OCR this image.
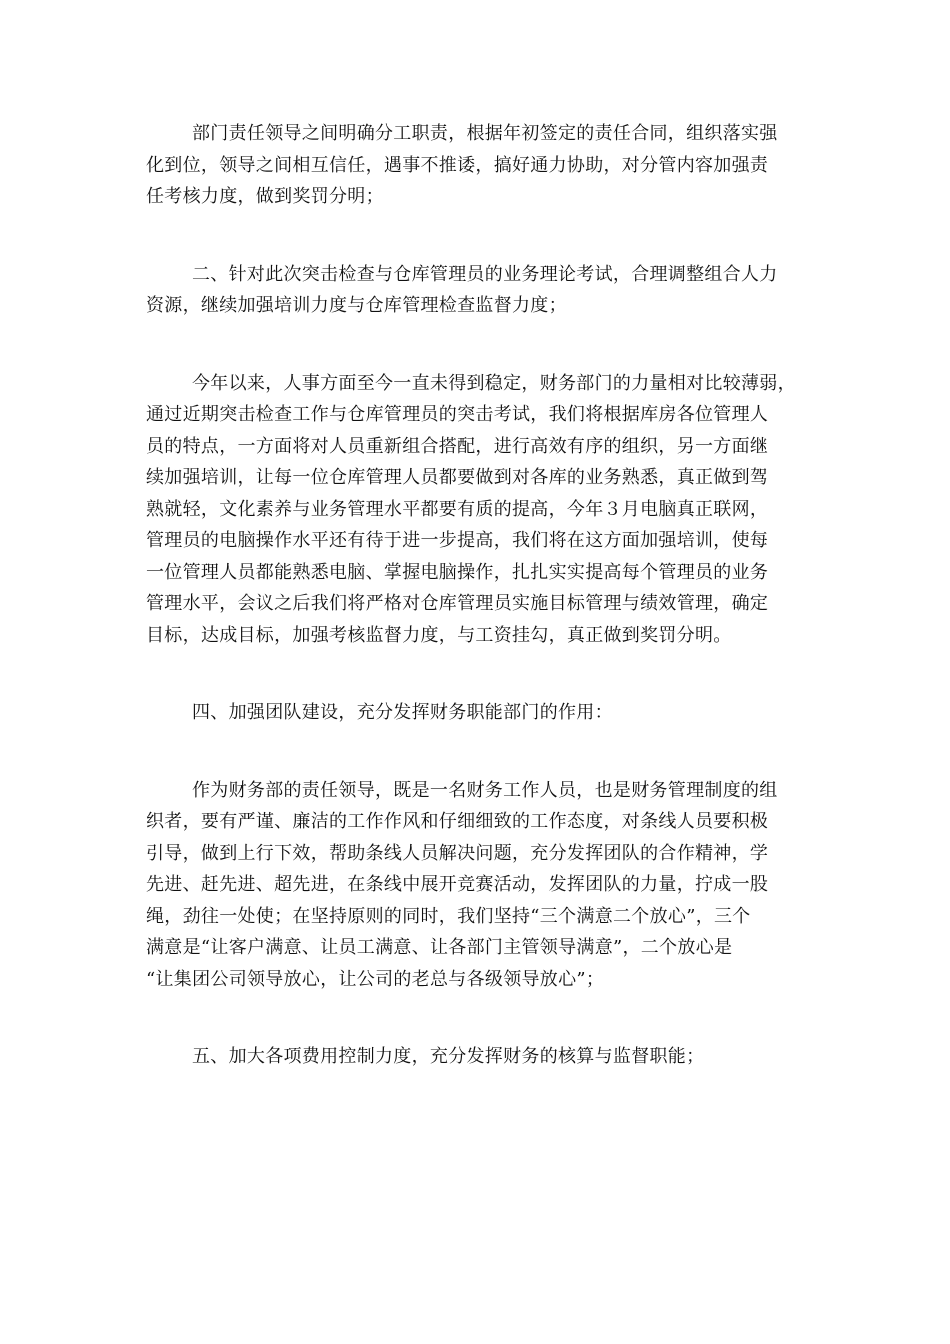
部门责任领导之间明确分工职责，根据年初签定的责任合同，组织落实强
化到位，领导之间相互信任，遇事不推诿，搞好通力协助，对分管内容加强责
任考核力度，做到奖罚分明；

二、针对此次突击检查与仓库管理员的业务理论考试，合理调整组合人力
资源，继续加强培训力度与仓库管理检查监督力度；

今年以来，人事方面至今一直未得到稳定，财务部门的力量相对比较薄弱，
通过近期突击检查工作与仓库管理员的突击考试，我们将根据库房各位管理人
员的特点，一方面将对人员重新组合搭配，进行高效有序的组织，另一方面继
续加强培训，让每一位仓库管理人员都要做到对各库的业务熟悉，真正做到驾
熟就轻，文化素养与业务管理水平都要有质的提高，今年３月电脑真正联网，
管理员的电脑操作水平还有待于进一步提高，我们将在这方面加强培训，使每
一位管理人员都能熟悉电脑、掌握电脑操作，扎扎实实提高每个管理员的业务
管理水平，会议之后我们将严格对仓库管理员实施目标管理与绩效管理，确定
目标，达成目标，加强考核监督力度，与工资挂勾，真正做到奖罚分明。

四、加强团队建设，充分发挥财务职能部门的作用：

作为财务部的责任领导，既是一名财务工作人员，也是财务管理制度的组
织者，要有严谨、廉洁的工作作风和仔细细致的工作态度，对条线人员要积极
引导，做到上行下效，帮助条线人员解决问题，充分发挥团队的合作精神，学
先进、赶先进、超先进，在条线中展开竞赛活动，发挥团队的力量，拧成一股
绳，劲往一处使；在坚持原则的同时，我们坚持“三个满意二个放心”，三个
满意是“让客户满意、让员工满意、让各部门主管领导满意”，二个放心是
“让集团公司领导放心，让公司的老总与各级领导放心”；

五、加大各项费用控制力度，充分发挥财务的核算与监督职能；
